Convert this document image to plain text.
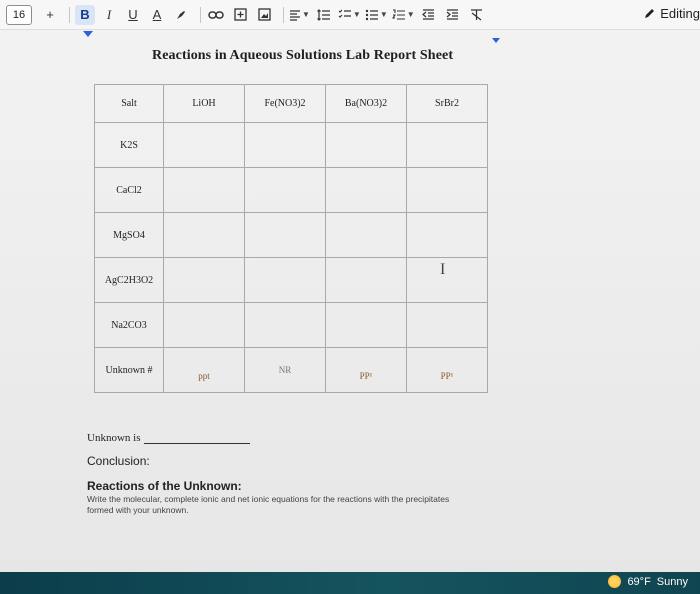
16	+	B	I	U	A	▼	▼ ▼ ▼	Editing
Reactions in Aqueous Solutions Lab Report Sheet
Salt	LiOH	Fe(NO3)2	Ba(NO3)2	SrBr2
K2S				
CaCl2				
MgSO4				
AgC2H3O2				
Na2CO3				
Unknown #	ppt	NR	PP¹	PP¹
I
Unknown is
Conclusion:
Reactions of the Unknown:
Write the molecular, complete ionic and net ionic equations for the reactions with the precipitates formed with your unknown.
69°F Sunny
